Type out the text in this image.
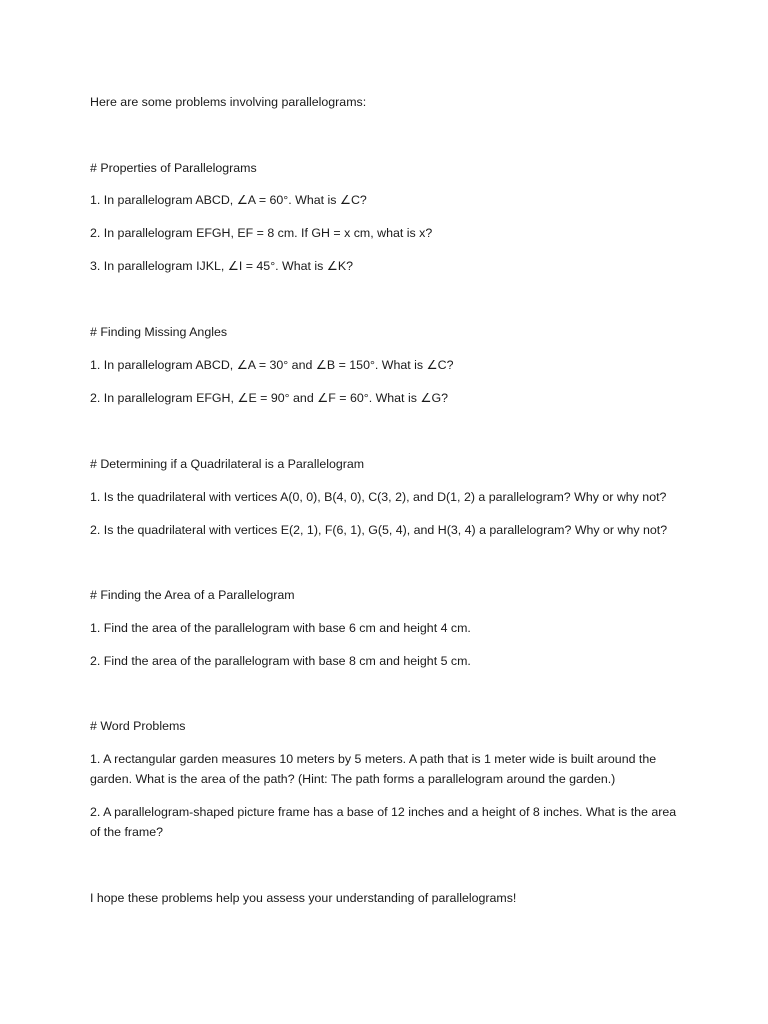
Here are some problems involving parallelograms:
# Properties of Parallelograms
1. In parallelogram ABCD, ∠A = 60°. What is ∠C?
2. In parallelogram EFGH, EF = 8 cm. If GH = x cm, what is x?
3. In parallelogram IJKL, ∠I = 45°. What is ∠K?
# Finding Missing Angles
1. In parallelogram ABCD, ∠A = 30° and ∠B = 150°. What is ∠C?
2. In parallelogram EFGH, ∠E = 90° and ∠F = 60°. What is ∠G?
# Determining if a Quadrilateral is a Parallelogram
1. Is the quadrilateral with vertices A(0, 0), B(4, 0), C(3, 2), and D(1, 2) a parallelogram? Why or why not?
2. Is the quadrilateral with vertices E(2, 1), F(6, 1), G(5, 4), and H(3, 4) a parallelogram? Why or why not?
# Finding the Area of a Parallelogram
1. Find the area of the parallelogram with base 6 cm and height 4 cm.
2. Find the area of the parallelogram with base 8 cm and height 5 cm.
# Word Problems
1. A rectangular garden measures 10 meters by 5 meters. A path that is 1 meter wide is built around the garden. What is the area of the path? (Hint: The path forms a parallelogram around the garden.)
2. A parallelogram-shaped picture frame has a base of 12 inches and a height of 8 inches. What is the area of the frame?
I hope these problems help you assess your understanding of parallelograms!
